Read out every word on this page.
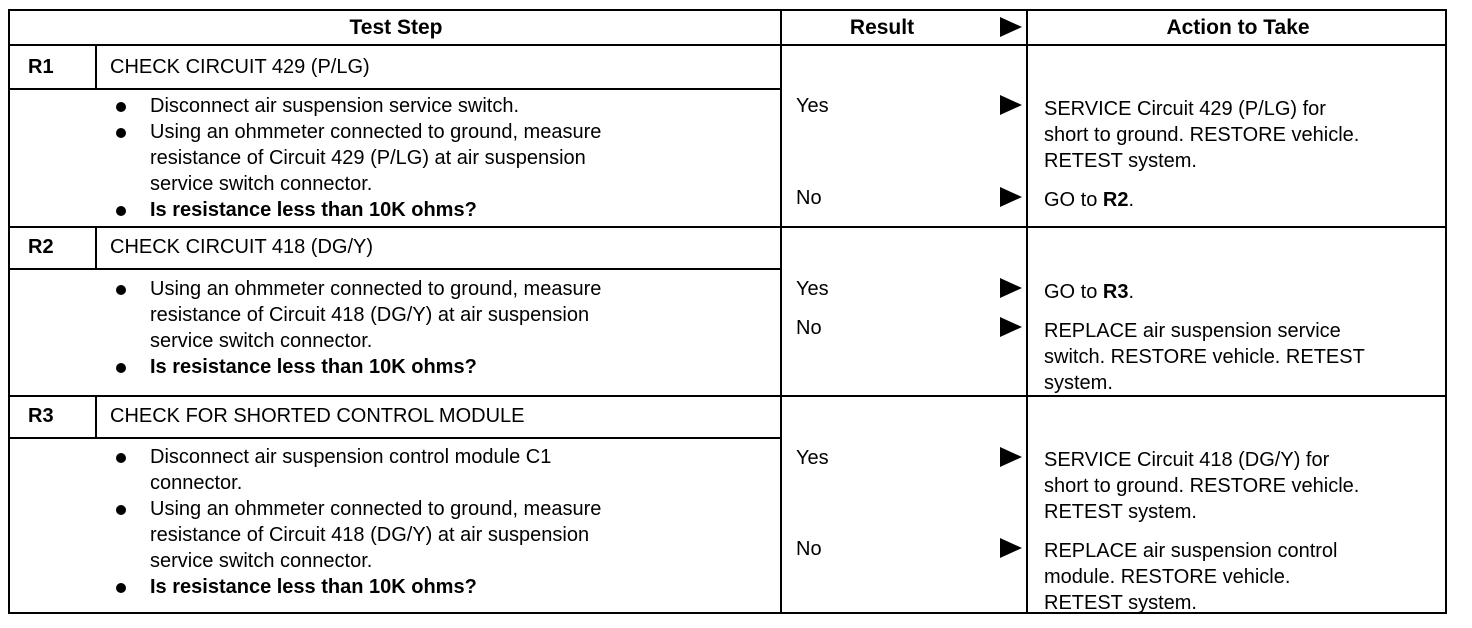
Test Step	Result	Action to Take
R1	CHECK CIRCUIT 429 (P/LG)
Disconnect air suspension service switch.
Using an ohmmeter connected to ground, measure
resistance of Circuit 429 (P/LG) at air suspension
service switch connector.
Is resistance less than 10K ohms?
Yes	SERVICE Circuit 429 (P/LG) for
short to ground. RESTORE vehicle.
RETEST system.
No	GO to R2.
R2	CHECK CIRCUIT 418 (DG/Y)
Using an ohmmeter connected to ground, measure
resistance of Circuit 418 (DG/Y) at air suspension
service switch connector.
Is resistance less than 10K ohms?
Yes	GO to R3.
No	REPLACE air suspension service
switch. RESTORE vehicle. RETEST
system.
R3	CHECK FOR SHORTED CONTROL MODULE
Disconnect air suspension control module C1
connector.
Using an ohmmeter connected to ground, measure
resistance of Circuit 418 (DG/Y) at air suspension
service switch connector.
Is resistance less than 10K ohms?
Yes	SERVICE Circuit 418 (DG/Y) for
short to ground. RESTORE vehicle.
RETEST system.
No	REPLACE air suspension control
module. RESTORE vehicle.
RETEST system.
